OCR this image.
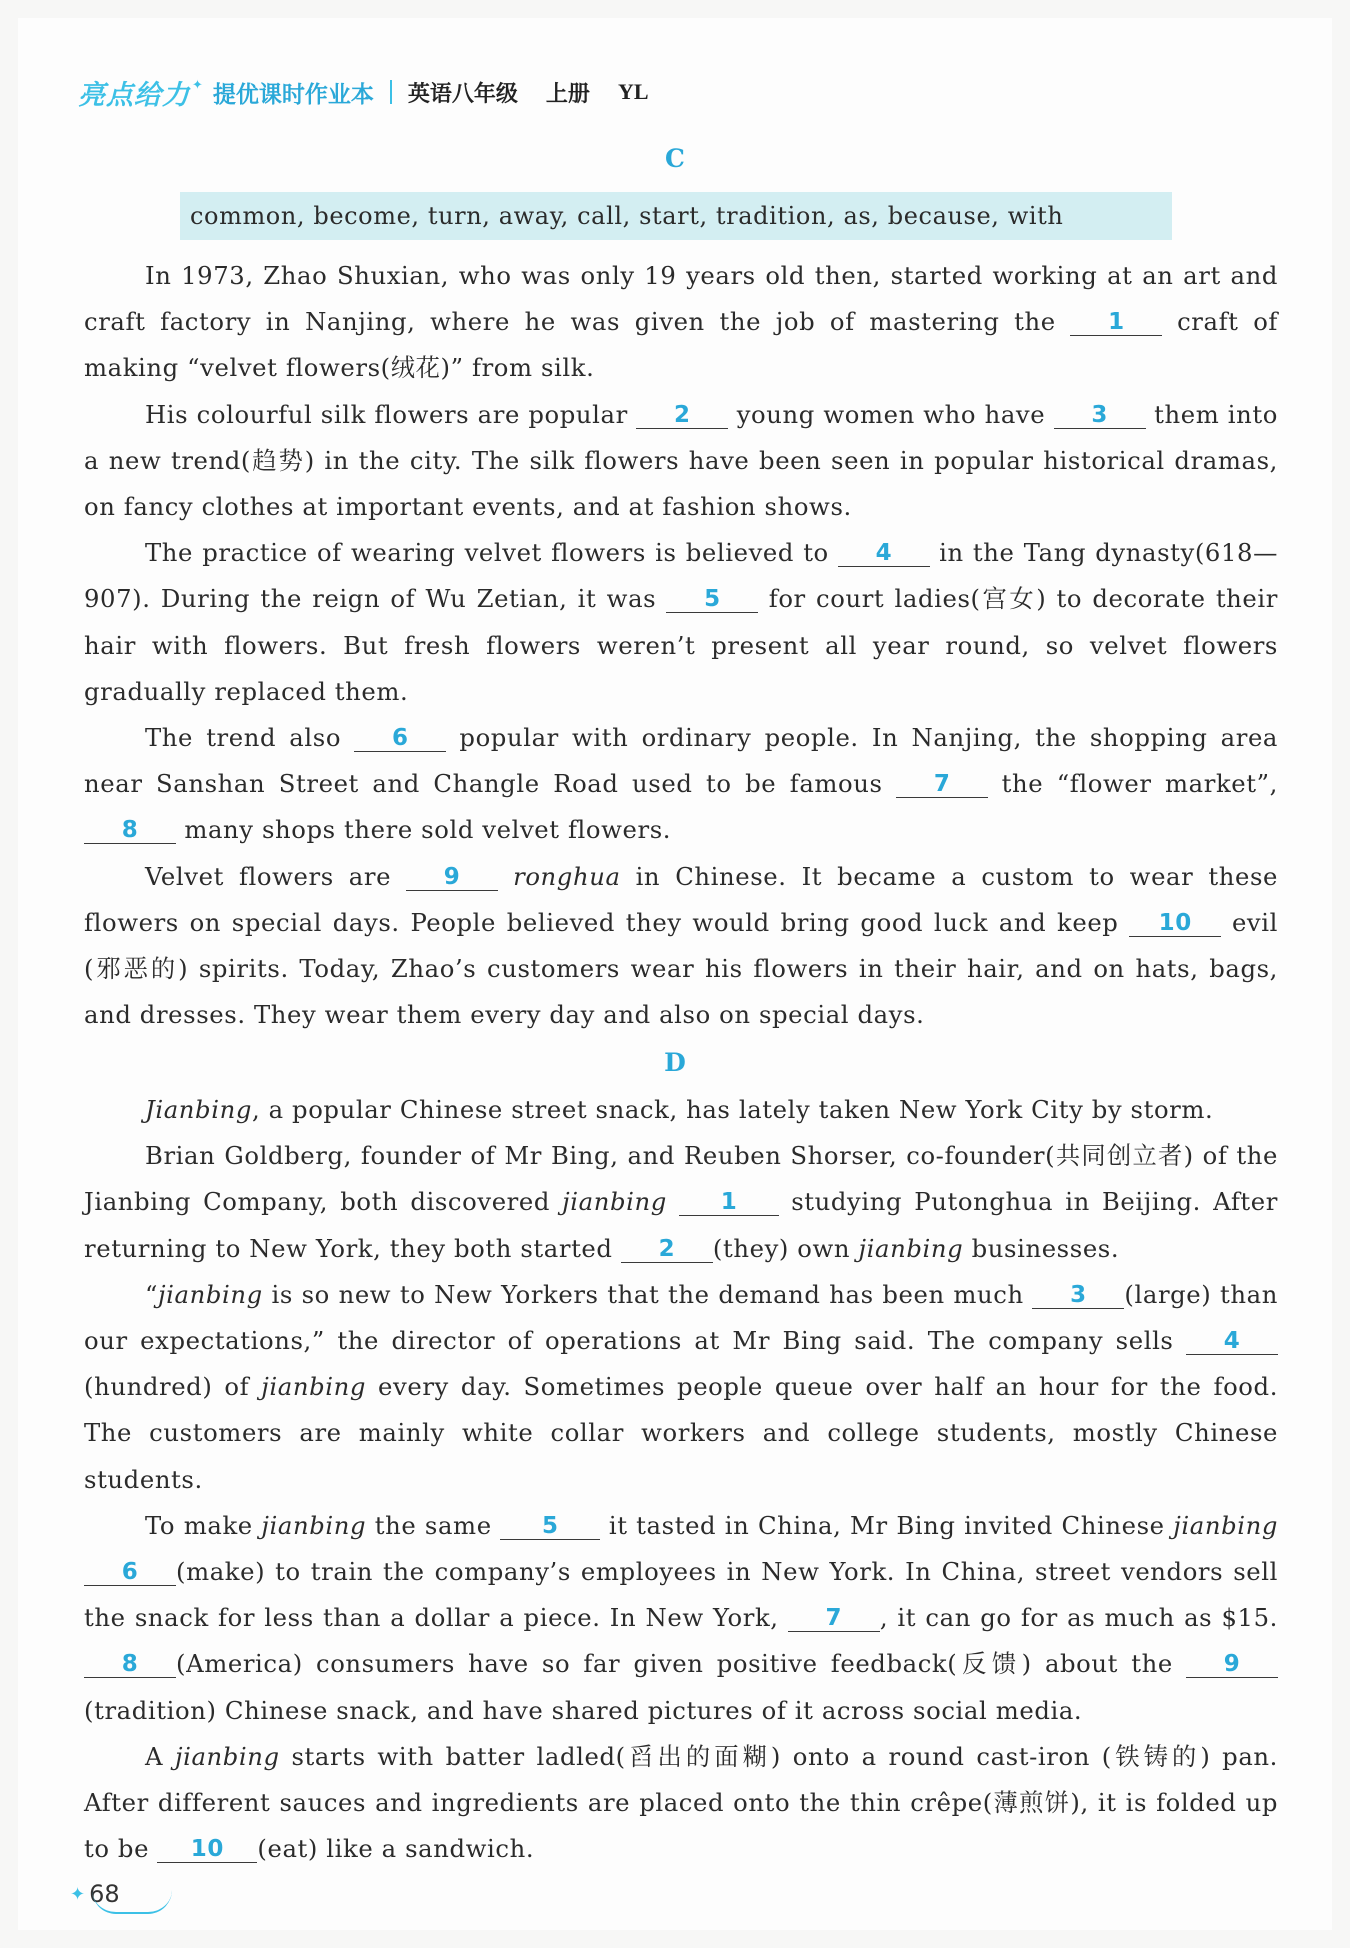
亮点给力 ✦ 提优课时作业本 英语八年级 上册 YL
C
common, become, turn, away, call, start, tradition, as, because, with

In 1973, Zhao Shuxian, who was only 19 years old then, started working at an art and craft factory in Nanjing, where he was given the job of mastering the 1 craft of making “velvet flowers(绒花)” from silk.

His colourful silk flowers are popular 2 young women who have 3 them into a new trend(趋势) in the city. The silk flowers have been seen in popular historical dramas, on fancy clothes at important events, and at fashion shows.

The practice of wearing velvet flowers is believed to 4 in the Tang dynasty(618—907). During the reign of Wu Zetian, it was 5 for court ladies(宫女) to decorate their hair with flowers. But fresh flowers weren’t present all year round, so velvet flowers gradually replaced them.

The trend also 6 popular with ordinary people. In Nanjing, the shopping area near Sanshan Street and Changle Road used to be famous 7 the “flower market”, 8 many shops there sold velvet flowers.

Velvet flowers are 9 ronghua in Chinese. It became a custom to wear these flowers on special days. People believed they would bring good luck and keep 10 evil (邪恶的) spirits. Today, Zhao’s customers wear his flowers in their hair, and on hats, bags, and dresses. They wear them every day and also on special days.

D

Jianbing, a popular Chinese street snack, has lately taken New York City by storm.

Brian Goldberg, founder of Mr Bing, and Reuben Shorser, co-founder(共同创立者) of the Jianbing Company, both discovered jianbing 1 studying Putonghua in Beijing. After returning to New York, they both started 2 (they) own jianbing businesses.

“jianbing is so new to New Yorkers that the demand has been much 3 (large) than our expectations,” the director of operations at Mr Bing said. The company sells 4(hundred) of jianbing every day. Sometimes people queue over half an hour for the food. The customers are mainly white collar workers and college students, mostly Chinese students.

To make jianbing the same 5 it tasted in China, Mr Bing invited Chinese jianbing 6 (make) to train the company’s employees in New York. In China, street vendors sell the snack for less than a dollar a piece. In New York, 7 , it can go for as much as $15. 8 (America) consumers have so far given positive feedback(反馈) about the 9(tradition) Chinese snack, and have shared pictures of it across social media.

A jianbing starts with batter ladled(舀出的面糊) onto a round cast-iron (铁铸的) pan. After different sauces and ingredients are placed onto the thin crêpe(薄煎饼), it is folded up to be 10 (eat) like a sandwich.

✦ 68
